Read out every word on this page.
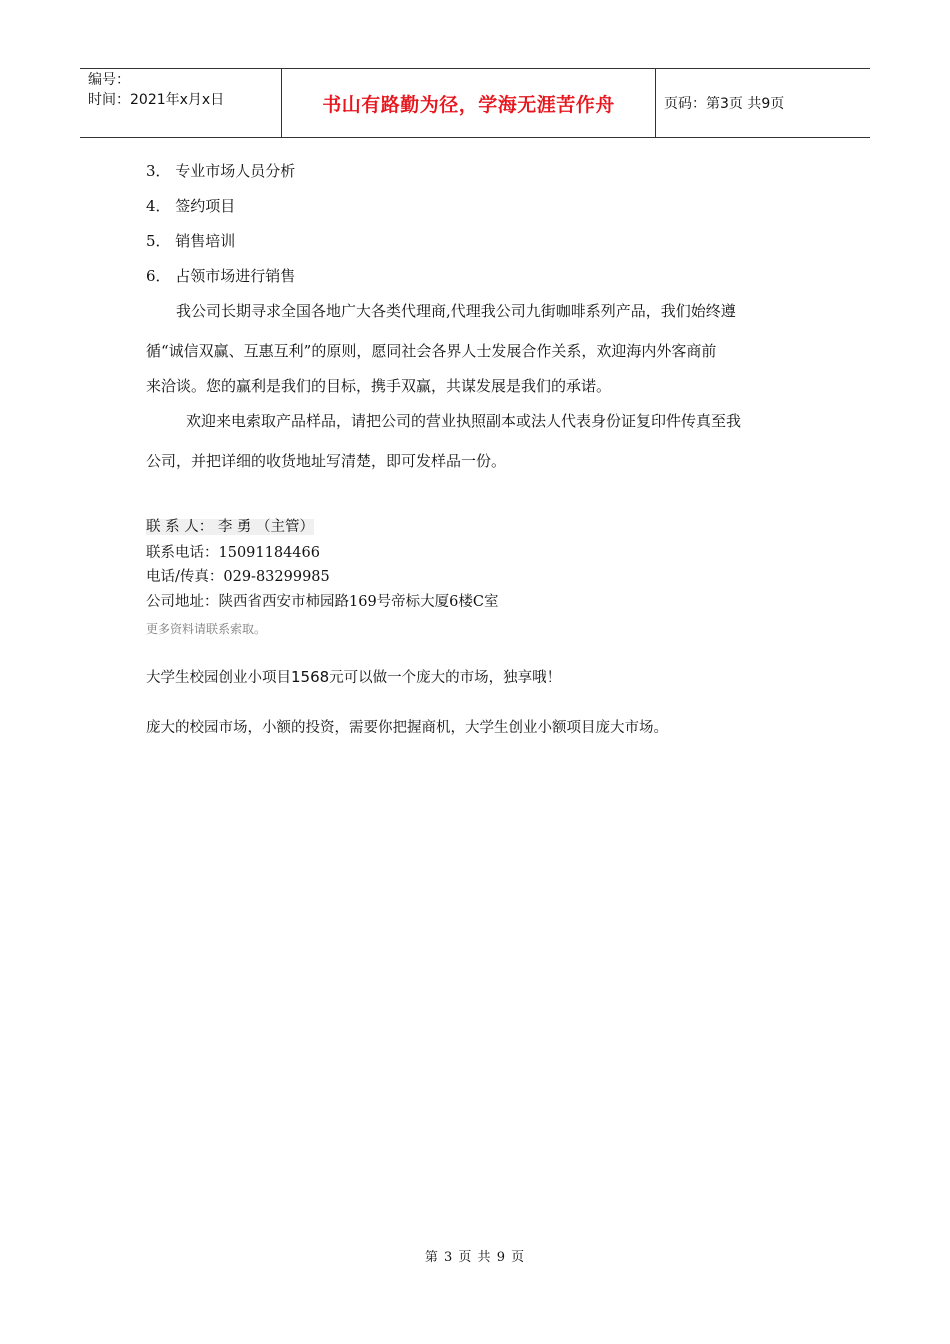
编号：
时间：2021年x月x日	书山有路勤为径，学海无涯苦作舟	页码：第3页 共9页
3． 专业市场人员分析
4． 签约项目
5． 销售培训
6． 占领市场进行销售
我公司长期寻求全国各地广大各类代理商,代理我公司九街咖啡系列产品，我们始终遵
循“诚信双赢、互惠互利”的原则，愿同社会各界人士发展合作关系，欢迎海内外客商前
来洽谈。您的赢利是我们的目标，携手双赢，共谋发展是我们的承诺。
欢迎来电索取产品样品，请把公司的营业执照副本或法人代表身份证复印件传真至我
公司，并把详细的收货地址写清楚，即可发样品一份。
联 系 人： 李 勇 （主管）
联系电话：15091184466
电话/传真：029-83299985
公司地址：陕西省西安市柿园路169号帝标大厦6楼C室
更多资料请联系索取。
大学生校园创业小项目1568元可以做一个庞大的市场，独享哦！
庞大的校园市场，小额的投资，需要你把握商机，大学生创业小额项目庞大市场。
第 3 页 共 9 页
